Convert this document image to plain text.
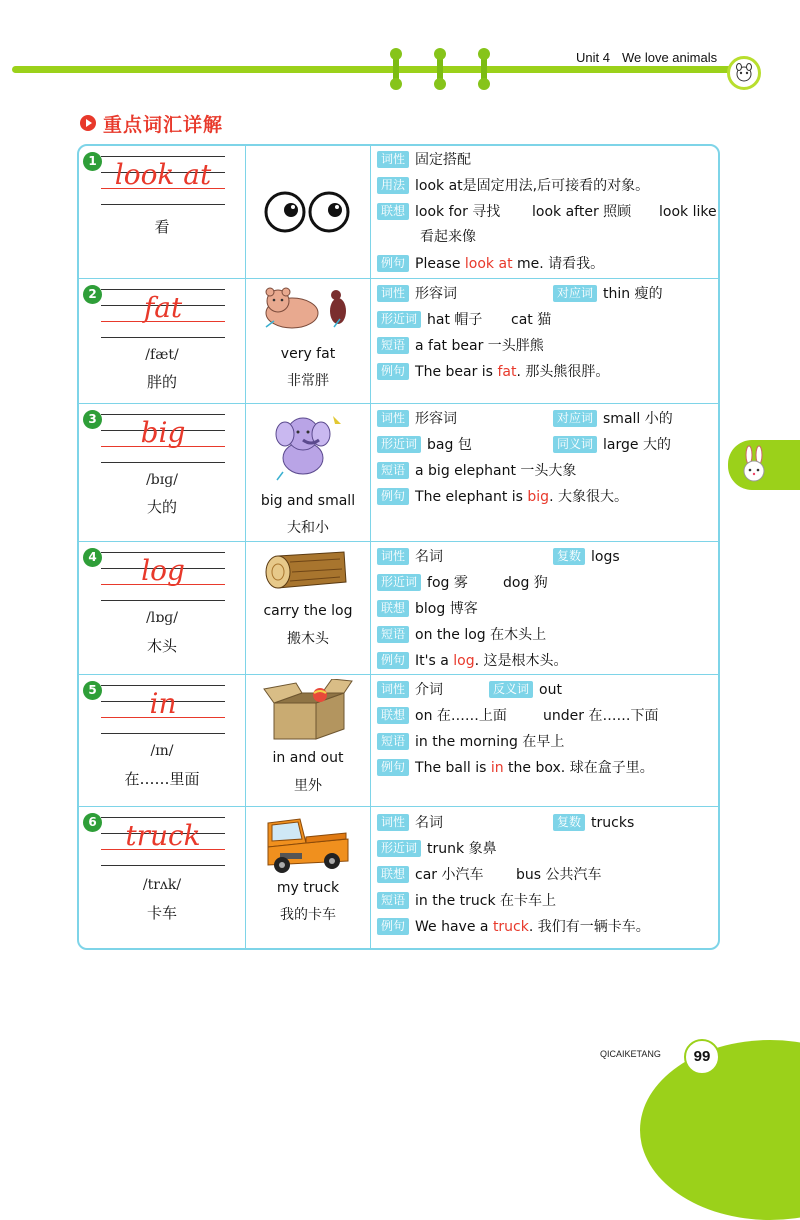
Unit 4 We love animals
重点词汇详解
1 look at
看
词性 固定搭配
用法 look at是固定用法,后可接看的对象。
联想 look for 寻找 look after 照顾 look like
看起来像
例句 Please look at me. 请看我。
2	fat
/fæt/
胖的
very fat
非常胖
词性 形容词	对应词 thin 瘦的
形近词 hat 帽子 cat 猫
短语 a fat bear 一头胖熊
例句 The bear is fat. 那头熊很胖。
3	big
/bɪɡ/
大的	big and small
大和小
词性 形容词	对应词 small 小的
形近词 bag 包	同义词 large 大的
短语 a big elephant 一头大象
例句 The elephant is big. 大象很大。
4	log
/lɒɡ/
木头
carry the log
搬木头
词性 名词	复数 logs
形近词 fog 雾	dog 狗
联想 blog 博客
短语 on the log 在木头上
例句 It's a log. 这是根木头。
5	in
/ɪn/
在……里面
in and out
里外
词性 介词	反义词 out
联想 on 在……上面	under 在……下面
短语 in the morning 在早上
例句 The ball is in the box. 球在盒子里。
6	truck
/trʌk/
卡车
my truck
我的卡车
词性 名词	复数 trucks
形近词 trunk 象鼻
联想 car 小汽车 bus 公共汽车
短语 in the truck 在卡车上
例句 We have a truck. 我们有一辆卡车。
QICAIKETANG	99
